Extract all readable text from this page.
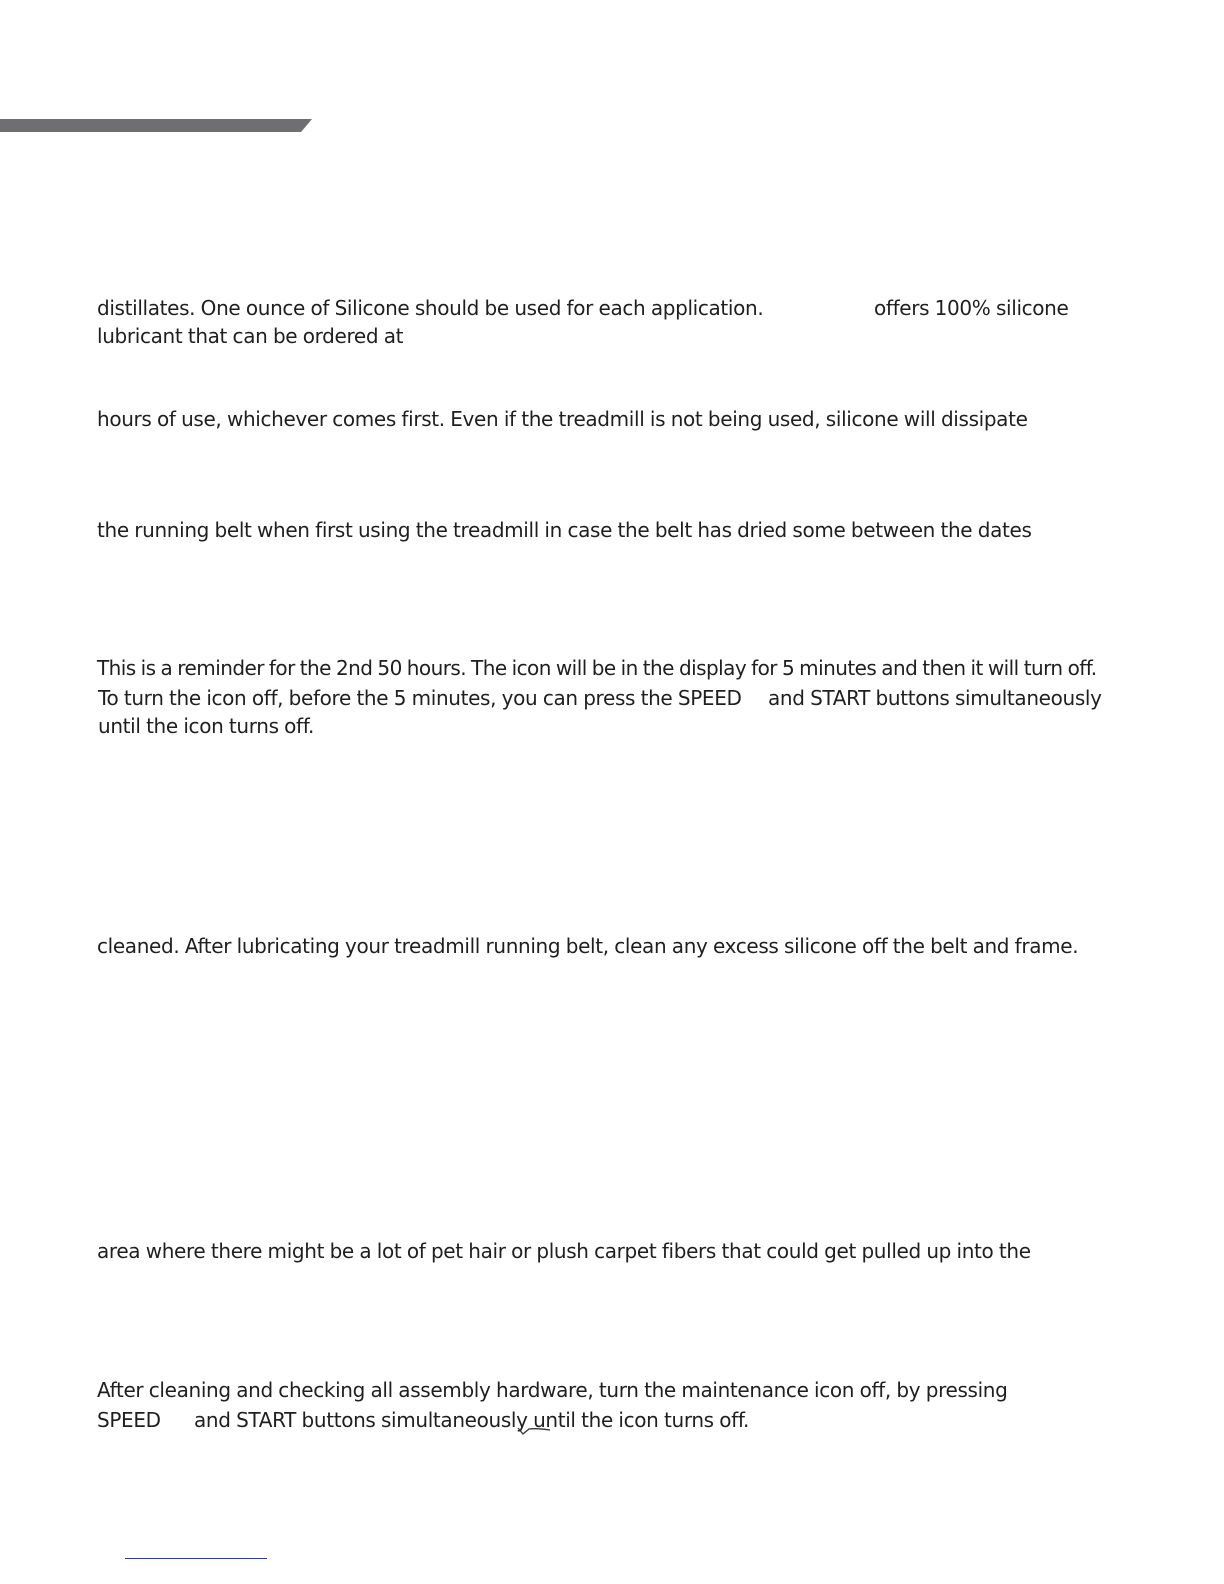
distillates. One ounce of Silicone should be used for each application.	offers 100% silicone
lubricant that can be ordered at
hours of use, whichever comes first. Even if the treadmill is not being used, silicone will dissipate
the running belt when first using the treadmill in case the belt has dried some between the dates
This is a reminder for the 2nd 50 hours. The icon will be in the display for 5 minutes and then it will turn off.
To turn the icon off, before the 5 minutes, you can press the SPEED and START buttons simultaneously
until the icon turns off.
cleaned. After lubricating your treadmill running belt, clean any excess silicone off the belt and frame.
area where there might be a lot of pet hair or plush carpet fibers that could get pulled up into the
After cleaning and checking all assembly hardware, turn the maintenance icon off, by pressing
SPEED and START buttons simultaneously until the icon turns off.
